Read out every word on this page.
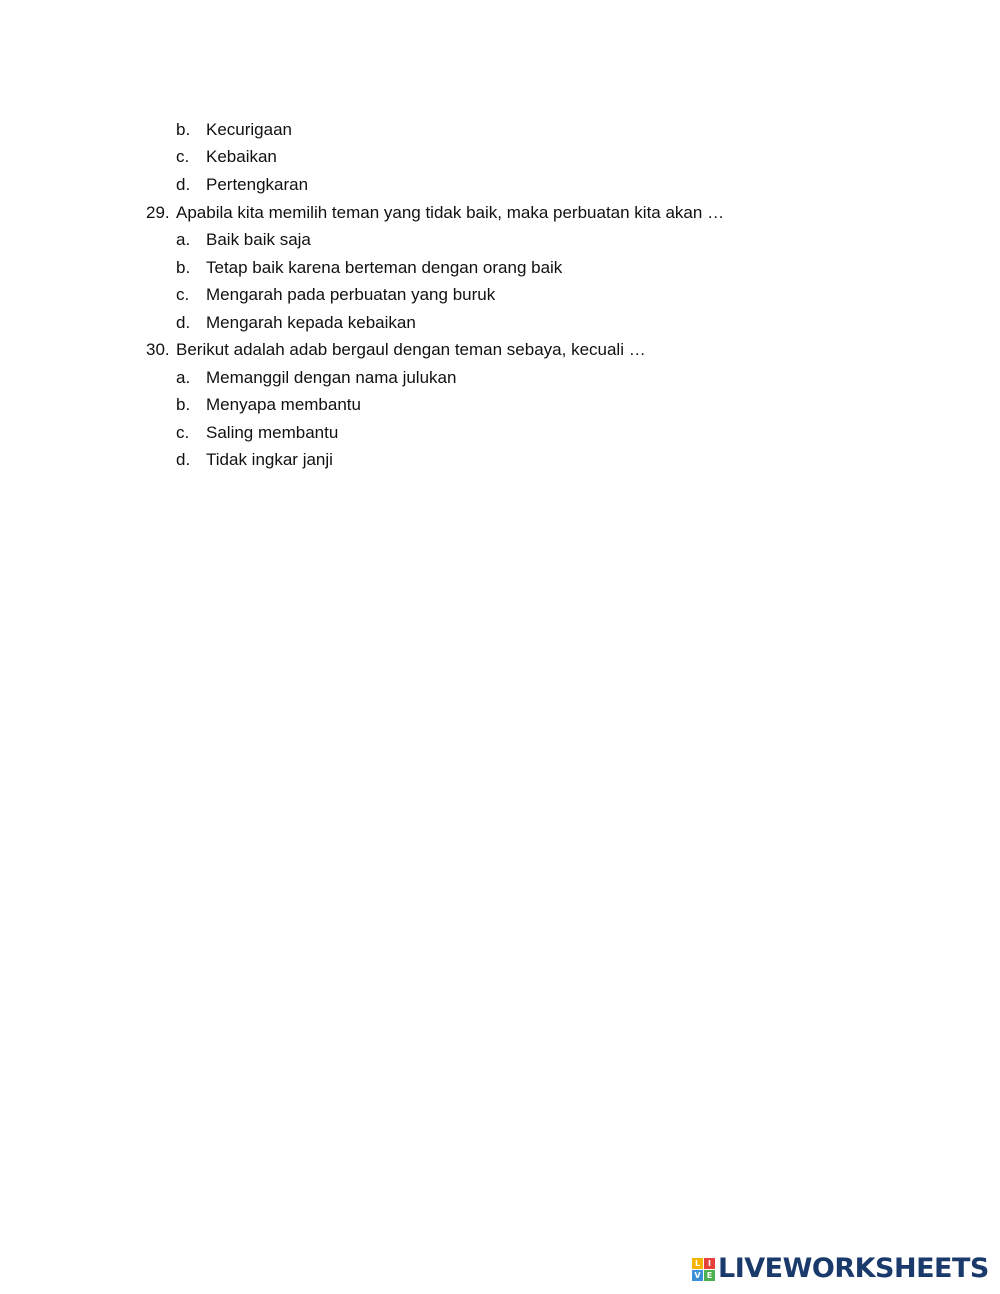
b. Kecurigaan
c. Kebaikan
d. Pertengkaran
29. Apabila kita memilih teman yang tidak baik, maka perbuatan kita akan …
a. Baik baik saja
b. Tetap baik karena berteman dengan orang baik
c. Mengarah pada perbuatan yang buruk
d. Mengarah kepada kebaikan
30. Berikut adalah adab bergaul dengan teman sebaya, kecuali …
a. Memanggil dengan nama julukan
b. Menyapa membantu
c. Saling membantu
d. Tidak ingkar janji
L I
V E LIVEWORKSHEETS
